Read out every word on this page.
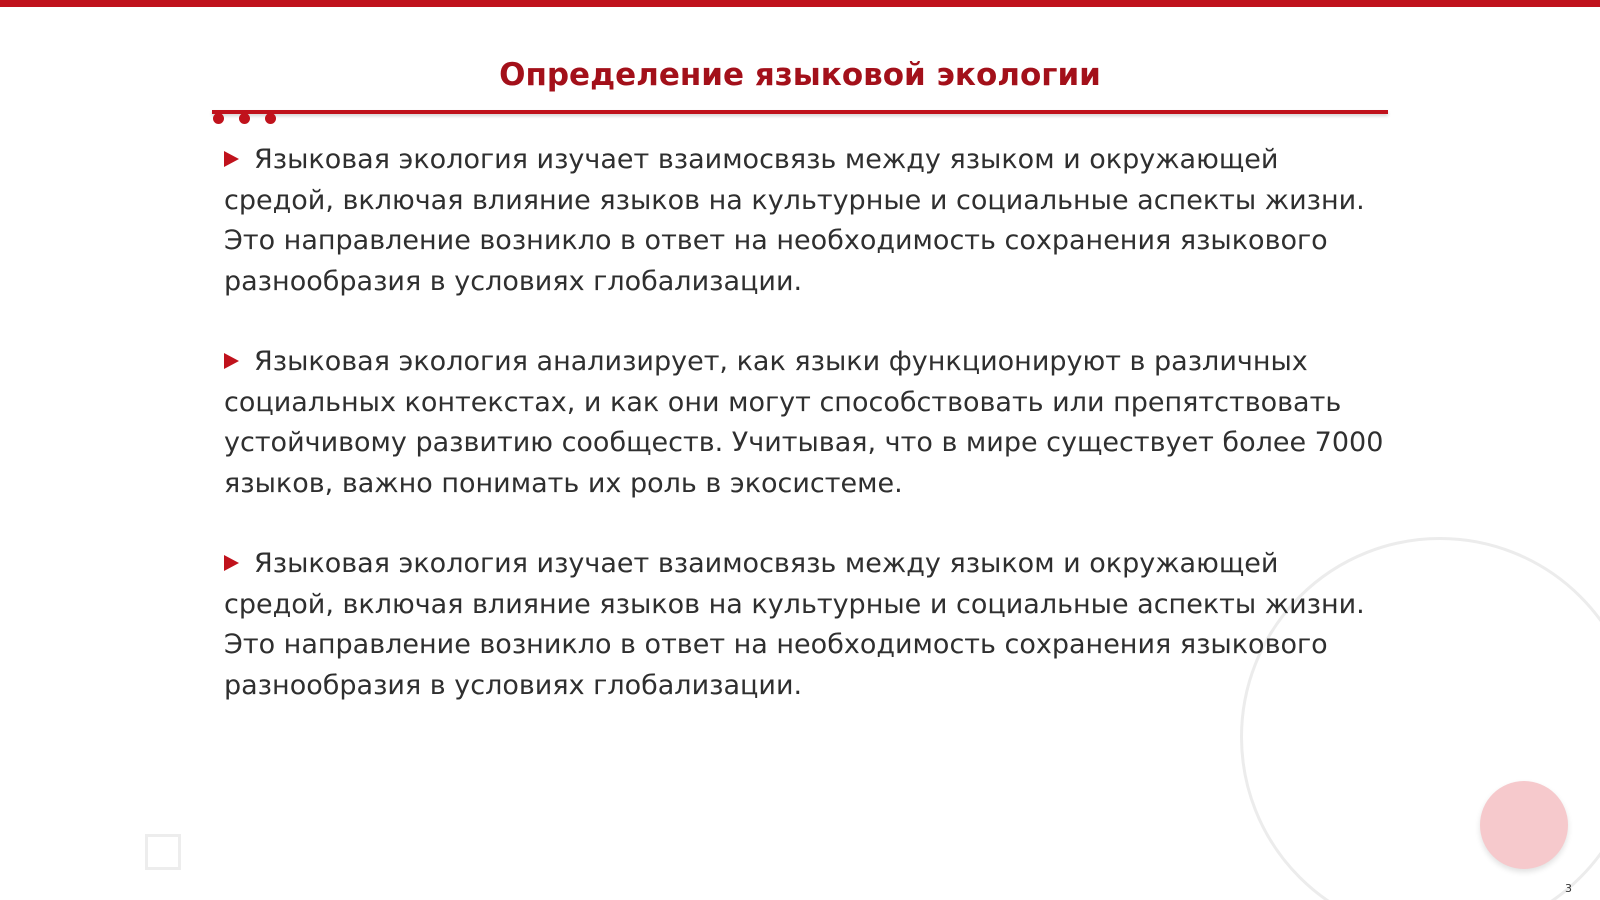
Определение языковой экологии

Языковая экология изучает взаимосвязь между языком и окружающей средой, включая влияние языков на культурные и социальные аспекты жизни. Это направление возникло в ответ на необходимость сохранения языкового разнообразия в условиях глобализации.

Языковая экология анализирует, как языки функционируют в различных социальных контекстах, и как они могут способствовать или препятствовать устойчивому развитию сообществ. Учитывая, что в мире существует более 7000 языков, важно понимать их роль в экосистеме.

Языковая экология изучает взаимосвязь между языком и окружающей средой, включая влияние языков на культурные и социальные аспекты жизни. Это направление возникло в ответ на необходимость сохранения языкового разнообразия в условиях глобализации.

3
